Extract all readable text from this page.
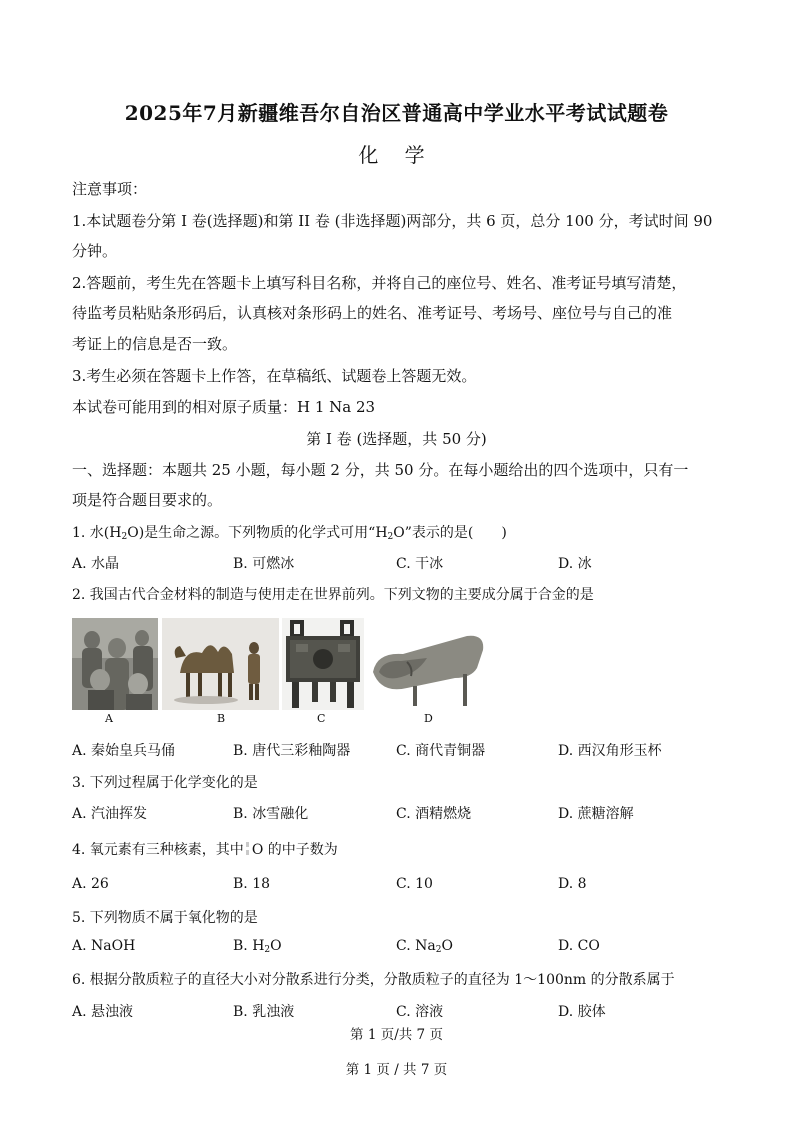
2025年7月新疆维吾尔自治区普通高中学业水平考试试题卷
化 学
注意事项：
1.本试题卷分第 I 卷(选择题)和第 II 卷 (非选择题)两部分，共 6 页，总分 100 分，考试时间 90
分钟。
2.答题前，考生先在答题卡上填写科目名称，并将自己的座位号、姓名、准考证号填写清楚，
待监考员粘贴条形码后，认真核对条形码上的姓名、准考证号、考场号、座位号与自己的准
考证上的信息是否一致。
3.考生必须在答题卡上作答，在草稿纸、试题卷上答题无效。
本试卷可能用到的相对原子质量：H 1 Na 23
第 I 卷 (选择题，共 50 分)
一、选择题：本题共 25 小题，每小题 2 分，共 50 分。在每小题给出的四个选项中，只有一
项是符合题目要求的。
1. 水$(H_2O)$是生命之源。下列物质的化学式可用“$H_2O$”表示的是(　　)
A. 水晶	B. 可燃冰	C. 干冰	D. 冰
2. 我国古代合金材料的制造与使用走在世界前列。下列文物的主要成分属于合金的是
A	B	C	D
A. 秦始皇兵马俑	B. 唐代三彩釉陶器	C. 商代青铜器	D. 西汉角形玉杯
3. 下列过程属于化学变化的是
A. 汽油挥发	B. 冰雪融化	C. 酒精燃烧	D. 蔗糖溶解
4. 氧元素有三种核素，其中 O 的中子数为
A. 26	B. 18	C. 10	D. 8
5. 下列物质不属于氧化物的是
A. NaOH	B. $H_2O$	C. $Na_2O$	D. CO
6. 根据分散质粒子的直径大小对分散系进行分类，分散质粒子的直径为 1～100nm 的分散系属于
A. 悬浊液	B. 乳浊液	C. 溶液	D. 胶体
第 1 页/共 7 页
第 1 页 / 共 7 页
